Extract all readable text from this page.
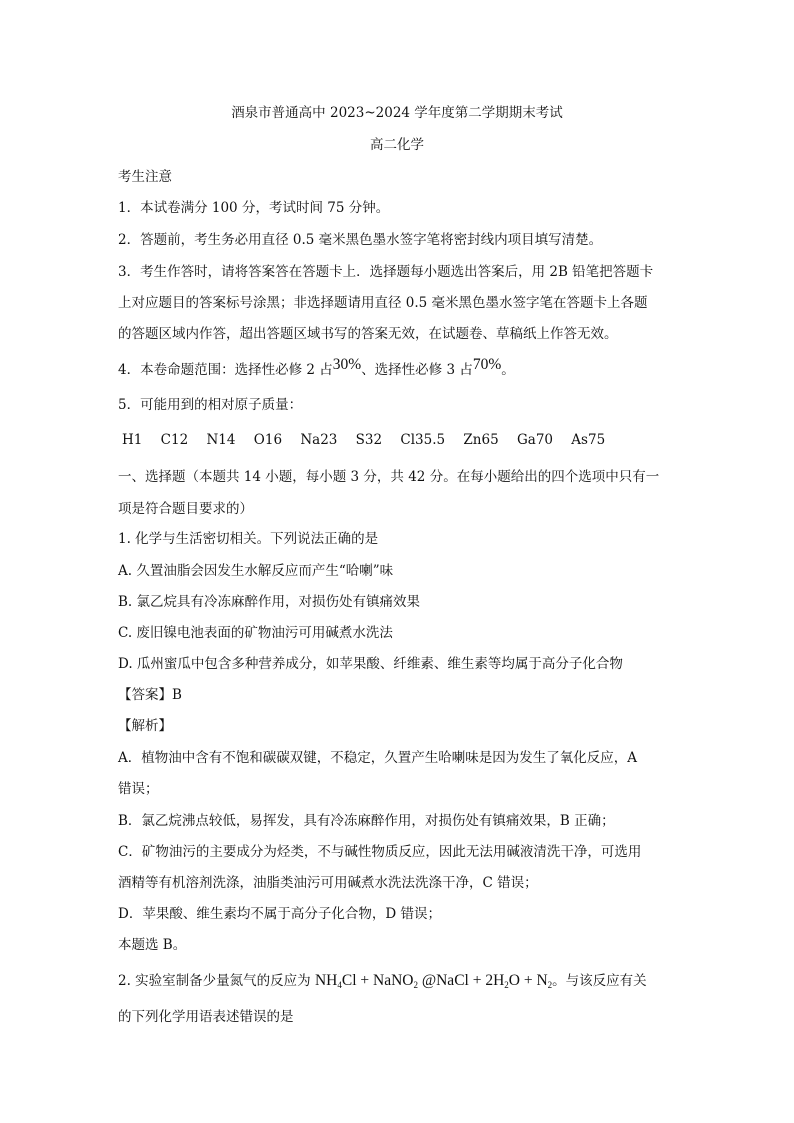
酒泉市普通高中 2023~2024 学年度第二学期期末考试
高二化学
考生注意
1．本试卷满分 100 分，考试时间 75 分钟。
2．答题前，考生务必用直径 0.5 毫米黑色墨水签字笔将密封线内项目填写清楚。
3．考生作答时，请将答案答在答题卡上．选择题每小题选出答案后，用 2B 铅笔把答题卡
上对应题目的答案标号涂黑；非选择题请用直径 0.5 毫米黑色墨水签字笔在答题卡上各题
的答题区域内作答，超出答题区域书写的答案无效，在试题卷、草稿纸上作答无效。
4．本卷命题范围：选择性必修 2 占30%、选择性必修 3 占70%。
5．可能用到的相对原子质量：
H1 C12 N14 O16 Na23 S32 Cl35.5 Zn65 Ga70 As75
一、选择题（本题共 14 小题，每小题 3 分，共 42 分。在每小题给出的四个选项中只有一
项是符合题目要求的）
1. 化学与生活密切相关。下列说法正确的是
A. 久置油脂会因发生水解反应而产生“哈喇”味
B. 氯乙烷具有冷冻麻醉作用，对损伤处有镇痛效果
C. 废旧镍电池表面的矿物油污可用碱煮水洗法
D. 瓜州蜜瓜中包含多种营养成分，如苹果酸、纤维素、维生素等均属于高分子化合物
【答案】B
【解析】
A．植物油中含有不饱和碳碳双键，不稳定，久置产生哈喇味是因为发生了氧化反应，A
错误；
B．氯乙烷沸点较低，易挥发，具有冷冻麻醉作用，对损伤处有镇痛效果，B 正确；
C．矿物油污的主要成分为烃类，不与碱性物质反应，因此无法用碱液清洗干净，可选用
酒精等有机溶剂洗涤，油脂类油污可用碱煮水洗法洗涤干净，C 错误；
D．苹果酸、维生素均不属于高分子化合物，D 错误；
本题选 B。
2. 实验室制备少量氮气的反应为 $NH_4Cl$ + NaNO$_2$ @NaCl + $2H_2O + N_2$。与该反应有关
的下列化学用语表述错误的是
